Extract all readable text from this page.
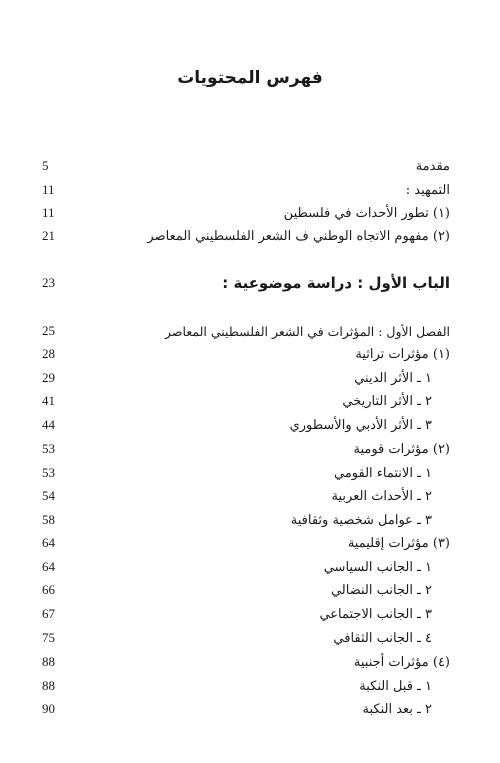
فهرس المحتويات
5	مقدمة
11	التمهيد :
11	(١) تطور الأحداث في فلسطين
21	(٢) مفهوم الاتجاه الوطني ف الشعر الفلسطيني المعاصر
23	الباب الأول : دراسة موضوعية :
25	الفصل الأول : المؤثرات في الشعر الفلسطيني المعاصر
28	(١) مؤثرات تراثية
29	١ ـ الأثر الديني
41	٢ ـ الأثر التاريخي
44	٣ ـ الأثر الأدبي والأسطوري
53	(٢) مؤثرات قومية
53	١ ـ الانتماء القومي
54	٢ ـ الأحداث العربية
58	٣ ـ عوامل شخصية وثقافية
64	(٣) مؤثرات إقليمية
64	١ ـ الجانب السياسي
66	٢ ـ الجانب النضالي
67	٣ ـ الجانب الاجتماعي
75	٤ ـ الجانب الثقافي
88	(٤) مؤثرات أجنبية
88	١ ـ قبل النكبة
90	٢ ـ بعد النكبة
